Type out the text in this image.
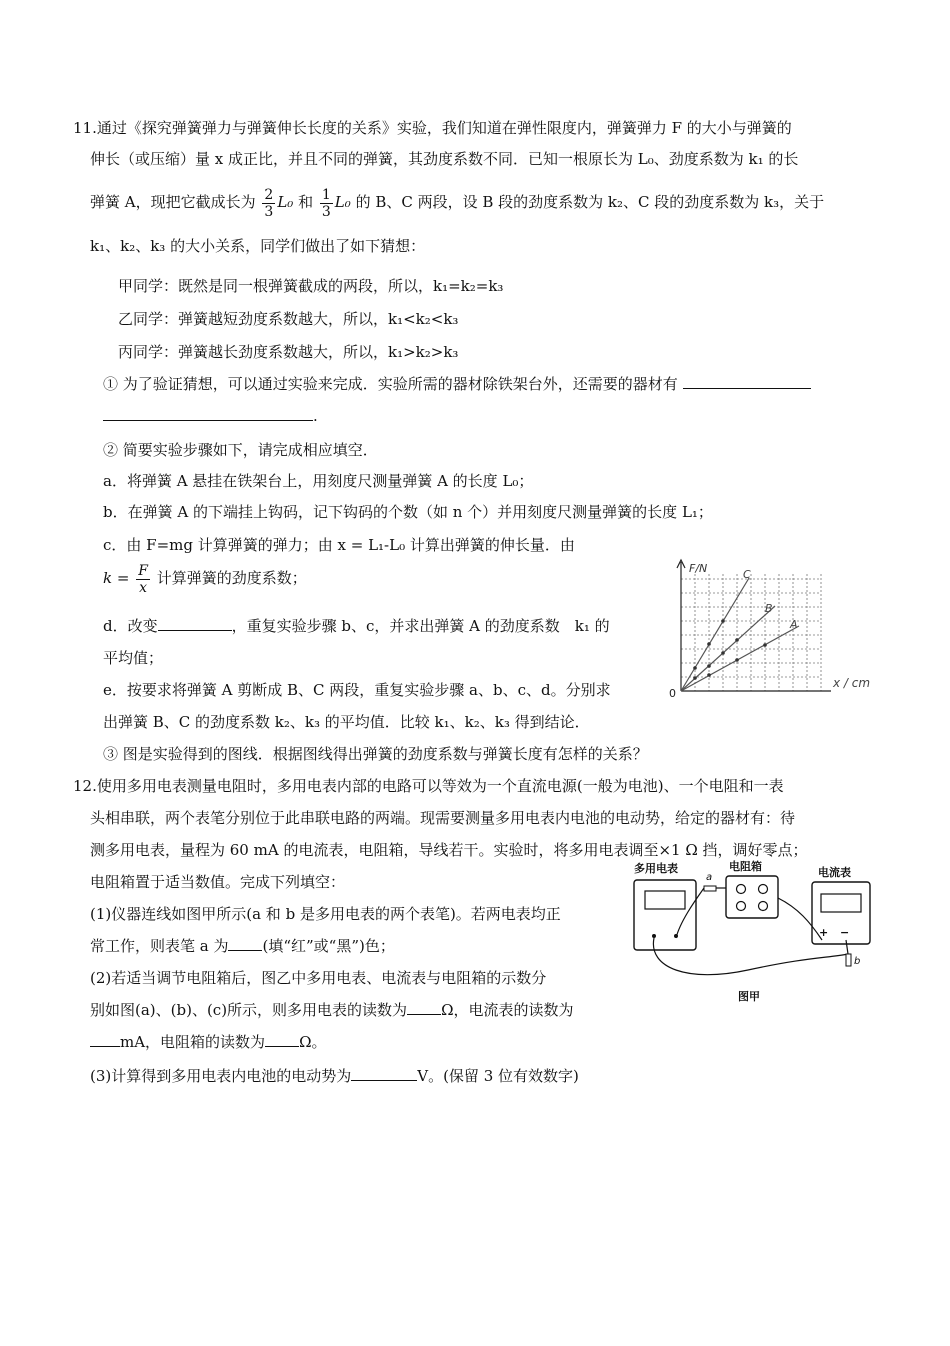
11.通过《探究弹簧弹力与弹簧伸长长度的关系》实验，我们知道在弹性限度内，弹簧弹力 F 的大小与弹簧的
伸长（或压缩）量 x 成正比，并且不同的弹簧，其劲度系数不同．已知一根原长为 L₀、劲度系数为 k₁ 的长
弹簧 A，现把它截成长为 $\frac{2}{3} L_0$ 和 $\frac{1}{3} L_0$ 的 B、C 两段，设 B 段的劲度系数为 k₂、C 段的劲度系数为 k₃，关于
k₁、k₂、k₃ 的大小关系，同学们做出了如下猜想：
甲同学：既然是同一根弹簧截成的两段，所以，k₁=k₂=k₃
乙同学：弹簧越短劲度系数越大，所以，k₁<k₂<k₃
丙同学：弹簧越长劲度系数越大，所以，k₁>k₂>k₃
① 为了验证猜想，可以通过实验来完成．实验所需的器材除铁架台外，还需要的器材有
.
② 简要实验步骤如下，请完成相应填空．
a．将弹簧 A 悬挂在铁架台上，用刻度尺测量弹簧 A 的长度 L₀；
b．在弹簧 A 的下端挂上钩码，记下钩码的个数（如 n 个）并用刻度尺测量弹簧的长度 L₁；
c．由 F=mg 计算弹簧的弹力；由 x = L₁-L₀ 计算出弹簧的伸长量．由
$k = \frac{F}{x}$ 计算弹簧的劲度系数；
d．改变	，重复实验步骤 b、c，并求出弹簧 A 的劲度系数　k₁ 的
平均值；
e．按要求将弹簧 A 剪断成 B、C 两段，重复实验步骤 a、b、c、d。分别求
出弹簧 B、C 的劲度系数 k₂、k₃ 的平均值．比较 k₁、k₂、k₃ 得到结论．
③ 图是实验得到的图线．根据图线得出弹簧的劲度系数与弹簧长度有怎样的关系？
F/N
x / cm
0
C
B
A
12.使用多用电表测量电阻时，多用电表内部的电路可以等效为一个直流电源(一般为电池)、一个电阻和一表
头相串联，两个表笔分别位于此串联电路的两端。现需要测量多用电表内电池的电动势，给定的器材有：待
测多用电表，量程为 60 mA 的电流表，电阻箱，导线若干。实验时，将多用电表调至×1 Ω 挡，调好零点；
电阻箱置于适当数值。完成下列填空：
(1)仪器连线如图甲所示(a 和 b 是多用电表的两个表笔)。若两电表均正
常工作，则表笔 a 为 (填“红”或“黑”)色；
(2)若适当调节电阻箱后，图乙中多用电表、电流表与电阻箱的示数分
别如图(a)、(b)、(c)所示，则多用电表的读数为 Ω，电流表的读数为
mA，电阻箱的读数为 Ω。
(3)计算得到多用电表内电池的电动势为	V。(保留 3 位有效数字)
多用电表	电阻箱	电流表
+ −
a
b
图甲
